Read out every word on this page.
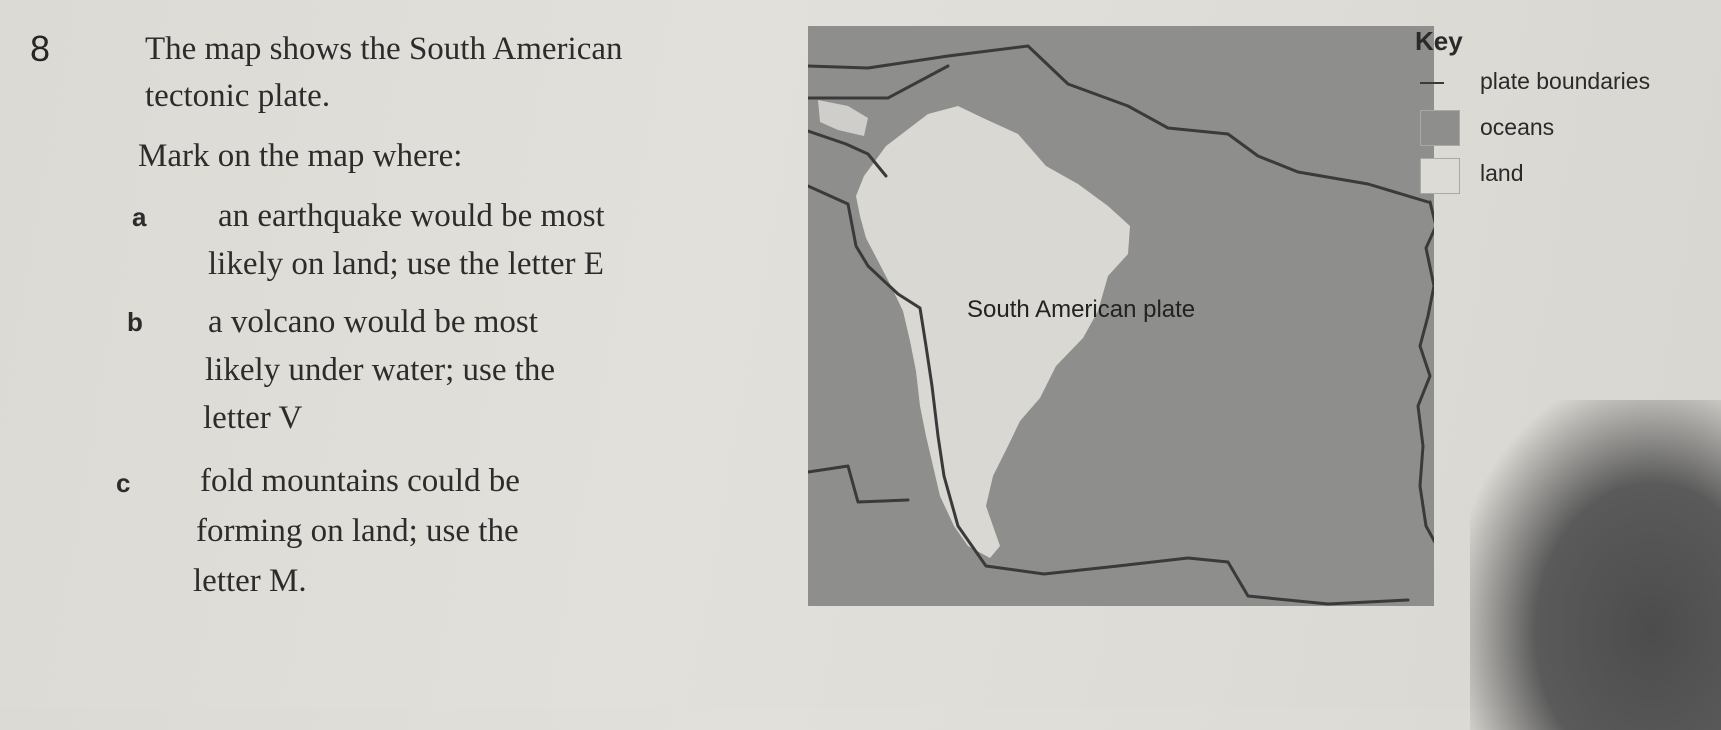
8	The map shows the South American
tectonic plate.
Mark on the map where:
a an earthquake would be most
likely on land; use the letter E
b a volcano would be most
likely under water; use the
letter V
c fold mountains could be
forming on land; use the
letter M.
South American plate
Key
plate boundaries
oceans
land
